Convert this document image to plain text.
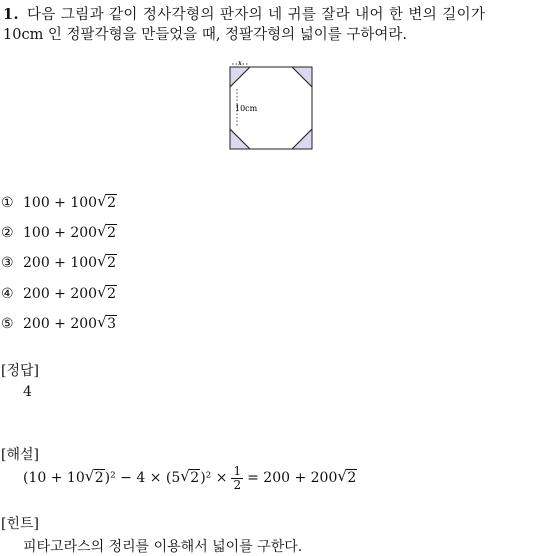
1. 다음 그림과 같이 정사각형의 판자의 네 귀를 잘라 내어 한 변의 길이가
10cm 인 정팔각형을 만들었을 때, 정팔각형의 넓이를 구하여라.
x
10cm
① 100 + 100 √ 2
② 100 + 200 √ 2
③ 200 + 100 √ 2
④ 200 + 200 √ 2
⑤ 200 + 200 √ 3
[정답]
4
[해설]
(10 + 10 √ 2 )² − 4 × (5 √ 2 )$^2 \times \frac{1}{2} = 200 + 200$ √ 2
[힌트]
피타고라스의 정리를 이용해서 넓이를 구한다.
